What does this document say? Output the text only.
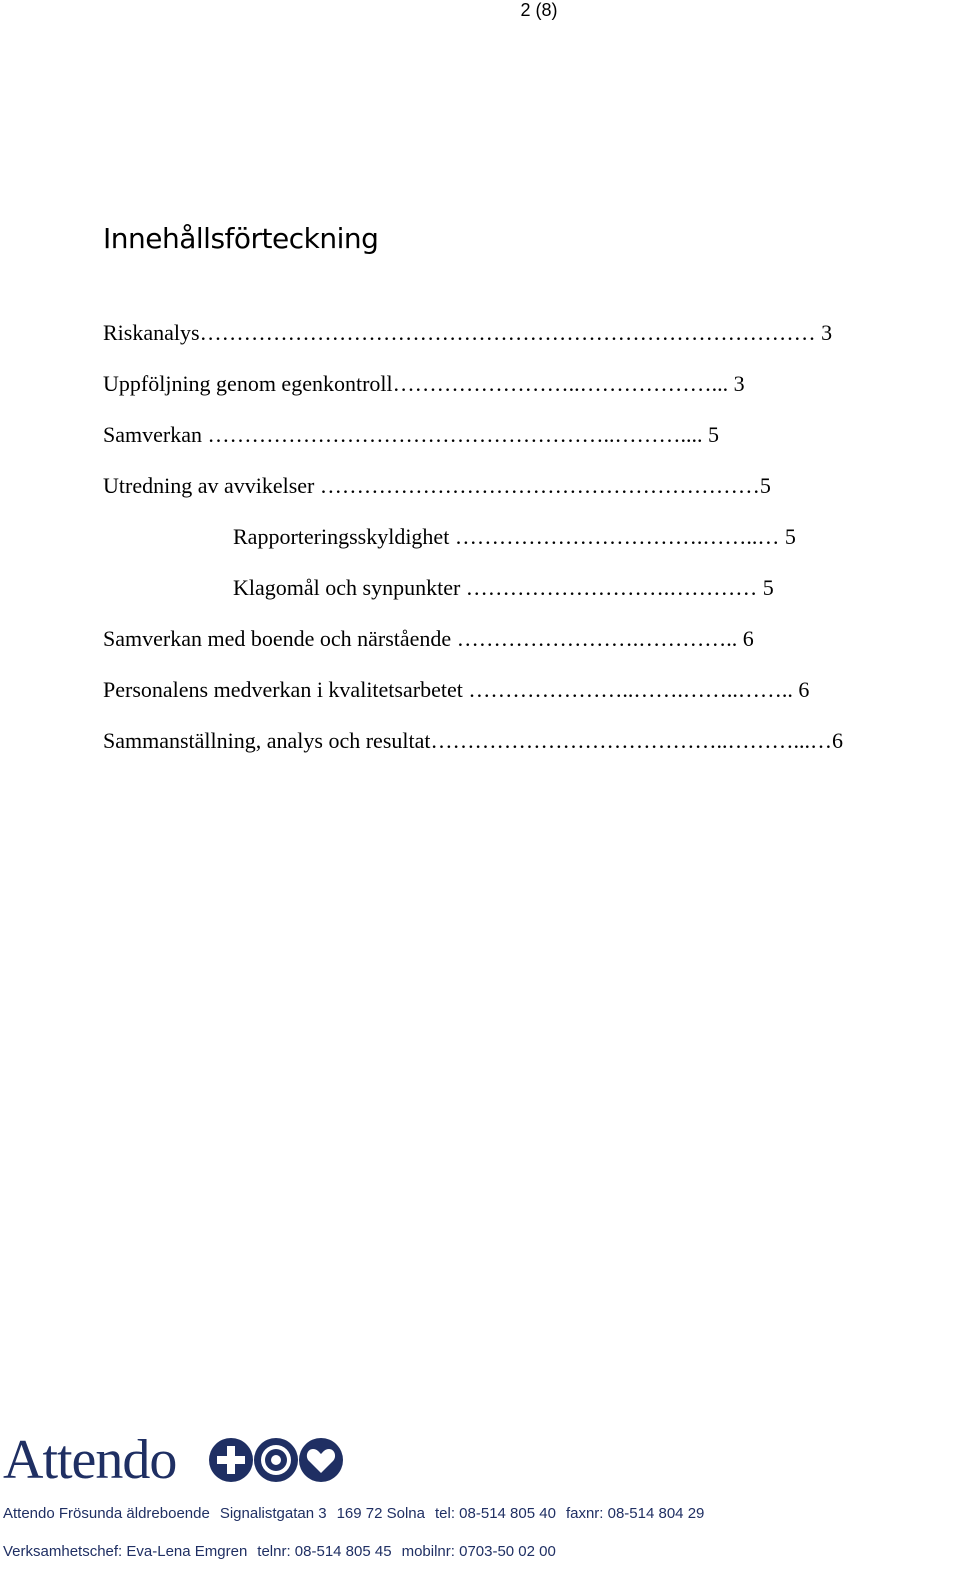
2 (8)
Innehållsförteckning
Riskanalys………………………………………………………………………… 3
Uppföljning genom egenkontroll……………………..………………... 3
Samverkan ………………………………………………..……….... 5
Utredning av avvikelser ……………………………………………………5
Rapporteringsskyldighet …………………………….……..… 5
Klagomål och synpunkter ……………………….………… 5
Samverkan med boende och närstående …………………….………….. 6
Personalens medverkan i kvalitetsarbetet …………………..…….……..…….. 6
Sammanställning, analys och resultat…………………………………..………...…6
Attendo
Attendo Frösunda äldreboende Signalistgatan 3 169 72 Solna tel: 08-514 805 40 faxnr: 08-514 804 29
Verksamhetschef: Eva-Lena Emgren telnr: 08-514 805 45 mobilnr: 0703-50 02 00
